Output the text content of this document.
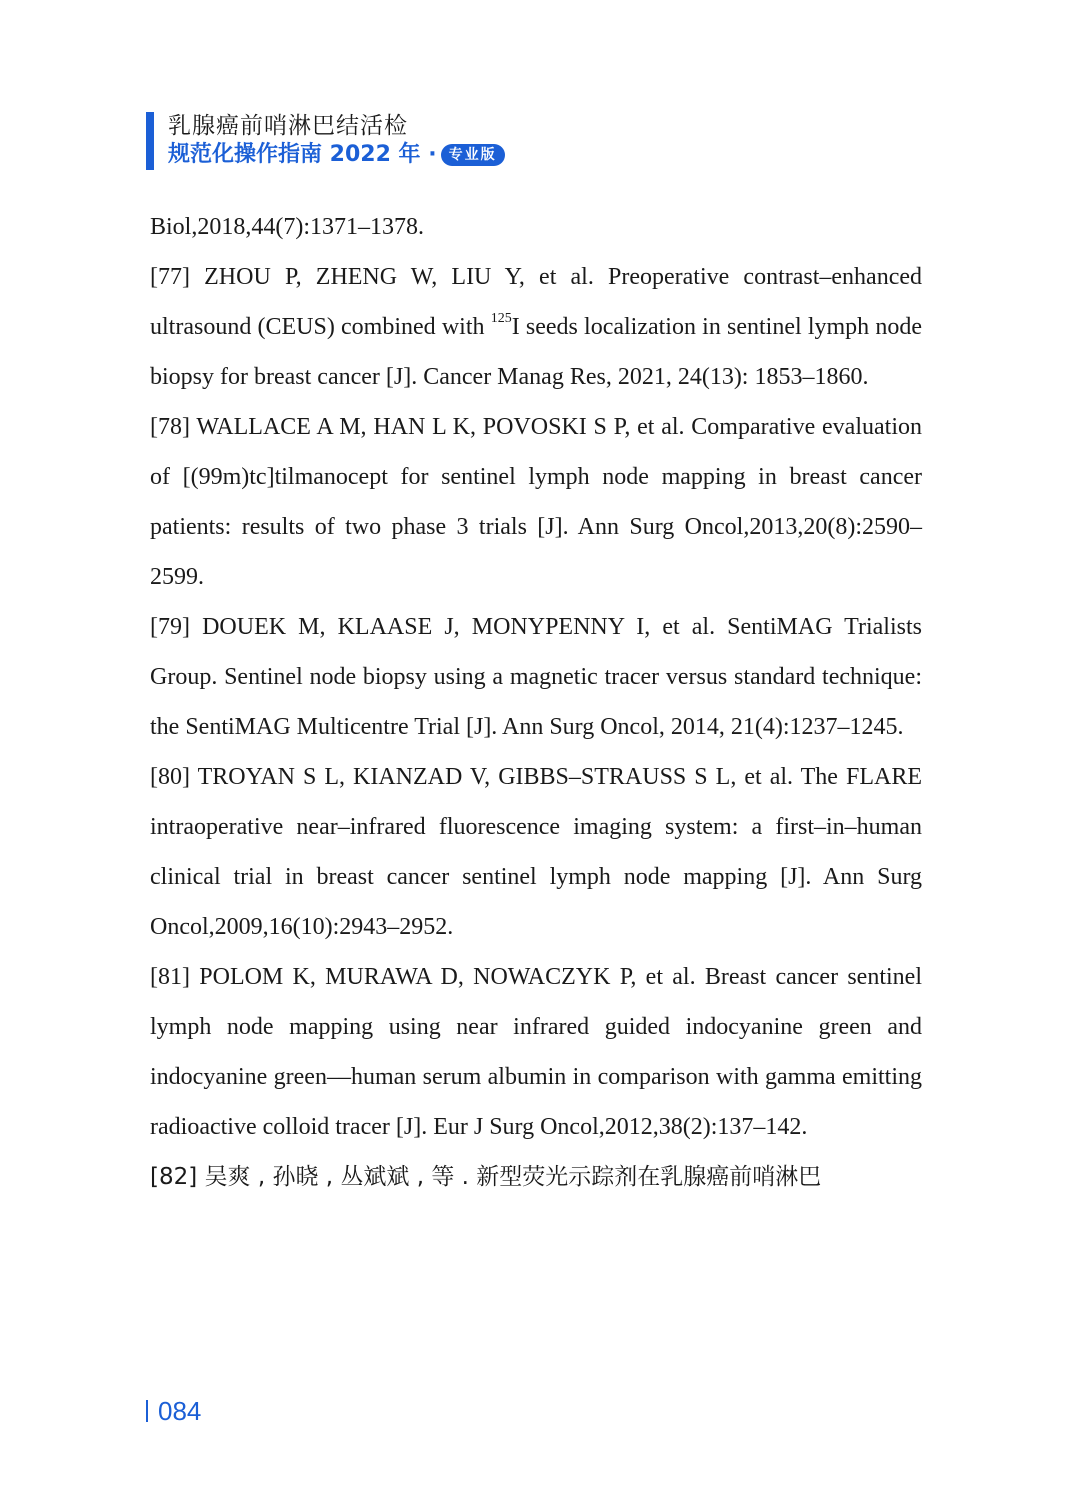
乳腺癌前哨淋巴结活检
规范化操作指南 2022 年 · 专业版

Biol,2018,44(7):1371–1378.

[77] ZHOU P, ZHENG W, LIU Y, et al. Preoperative contrast–enhanced ultrasound (CEUS) combined with $^{125}$I seeds localization in sentinel lymph node biopsy for breast cancer [J]. Cancer Manag Res, 2021, 24(13): 1853–1860.

[78] WALLACE A M, HAN L K, POVOSKI S P, et al. Comparative evaluation of [(99m)tc]tilmanocept for sentinel lymph node mapping in breast cancer patients: results of two phase 3 trials [J]. Ann Surg Oncol,2013,20(8):2590–2599.

[79] DOUEK M, KLAASE J, MONYPENNY I, et al. SentiMAG Trialists Group. Sentinel node biopsy using a magnetic tracer versus standard technique: the SentiMAG Multicentre Trial [J]. Ann Surg Oncol, 2014, 21(4):1237–1245.

[80] TROYAN S L, KIANZAD V, GIBBS–STRAUSS S L, et al. The FLARE intraoperative near–infrared fluorescence imaging system: a first–in–human clinical trial in breast cancer sentinel lymph node mapping [J]. Ann Surg Oncol,2009,16(10):2943–2952.

[81] POLOM K, MURAWA D, NOWACZYK P, et al. Breast cancer sentinel lymph node mapping using near infrared guided indocyanine green and indocyanine green––human serum albumin in comparison with gamma emitting radioactive colloid tracer [J]. Eur J Surg Oncol,2012,38(2):137–142.

[82] 吴爽 , 孙晓 , 丛斌斌 , 等 . 新型荧光示踪剂在乳腺癌前哨淋巴

084
